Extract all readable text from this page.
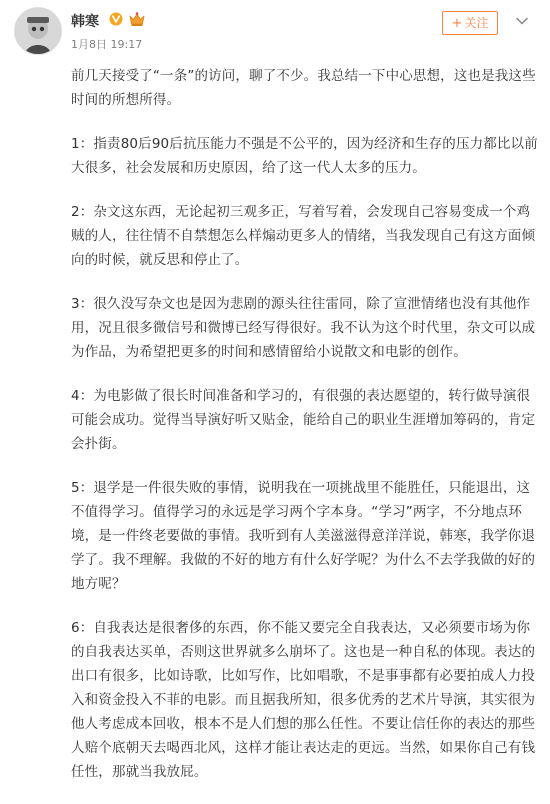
韩寒
1月8日 19:17
+ 关注

前几天接受了“一条”的访问，聊了不少。我总结一下中心思想，这也是我这些时间的所想所得。

1：指责80后90后抗压能力不强是不公平的，因为经济和生存的压力都比以前大很多，社会发展和历史原因，给了这一代人太多的压力。

2：杂文这东西，无论起初三观多正，写着写着，会发现自己容易变成一个鸡贼的人，往往情不自禁想怎么样煽动更多人的情绪，当我发现自己有这方面倾向的时候，就反思和停止了。

3：很久没写杂文也是因为悲剧的源头往往雷同，除了宣泄情绪也没有其他作用，况且很多微信号和微博已经写得很好。我不认为这个时代里，杂文可以成为作品，为希望把更多的时间和感情留给小说散文和电影的创作。

4：为电影做了很长时间准备和学习的，有很强的表达愿望的，转行做导演很可能会成功。觉得当导演好听又贴金，能给自己的职业生涯增加筹码的，肯定会扑街。

5：退学是一件很失败的事情，说明我在一项挑战里不能胜任，只能退出，这不值得学习。值得学习的永远是学习两个字本身。“学习”两字，不分地点环境，是一件终老要做的事情。我听到有人美滋滋得意洋洋说，韩寒，我学你退学了。我不理解。我做的不好的地方有什么好学呢？为什么不去学我做的好的地方呢？

6：自我表达是很奢侈的东西，你不能又要完全自我表达，又必须要市场为你的自我表达买单，否则这世界就多么崩坏了。这也是一种自私的体现。表达的出口有很多，比如诗歌，比如写作，比如唱歌，不是事事都有必要拍成人力投入和资金投入不菲的电影。而且据我所知，很多优秀的艺术片导演，其实很为他人考虑成本回收，根本不是人们想的那么任性。不要让信任你的表达的那些人赔个底朝天去喝西北风，这样才能让表达走的更远。当然，如果你自己有钱任性，那就当我放屁。
